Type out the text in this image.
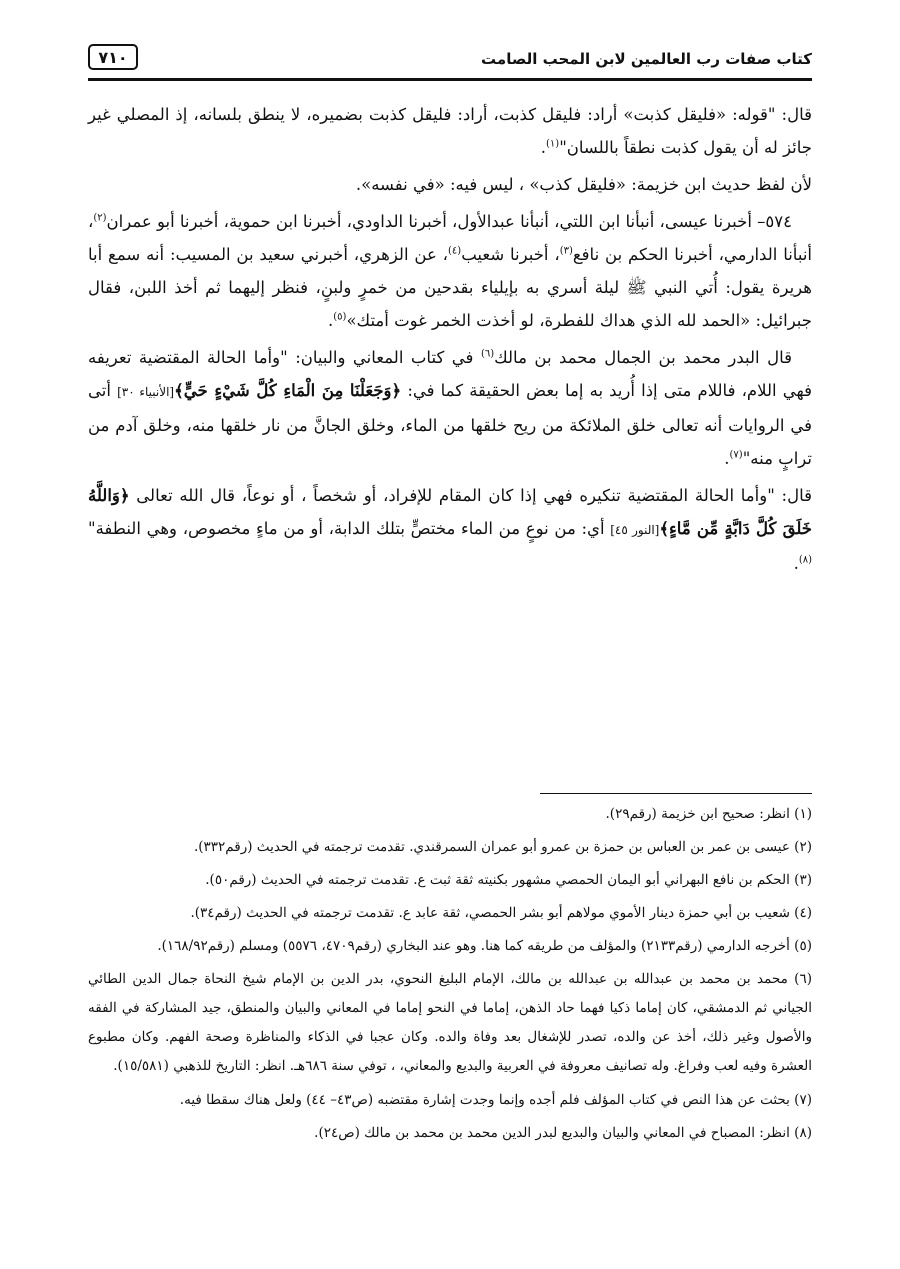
كتاب صفات رب العالمين لابن المحب الصامت
٧١٠

قال: "قوله: «فليقل كذبت» أراد: فليقل كذبت، أراد: فليقل كذبت بضميره، لا ينطق بلسانه، إذ المصلي غير جائز له أن يقول كذبت نطقاً باللسان"$^{(١)}$.

لأن لفظ حديث ابن خزيمة: «فليقل كذب» ، ليس فيه: «في نفسه».

٥٧٤– أخبرنا عيسى، أنبأنا ابن اللتي، أنبأنا عبدالأول، أخبرنا الداودي، أخبرنا ابن حموية، أخبرنا أبو عمران$^{(٢)}$، أنبأنا الدارمي، أخبرنا الحكم بن نافع$^{(٣)}$، أخبرنا شعيب$^{(٤)}$، عن الزهري، أخبرني سعيد بن المسيب: أنه سمع أبا هريرة يقول: أُتي النبي ﷺ ليلة أسري به بإيلياء بقدحين من خمرٍ ولبنٍ، فنظر إليهما ثم أخذ اللبن، فقال جبرائيل: «الحمد لله الذي هداك للفطرة، لو أخذت الخمر غوت أمتك»$^{(٥)}$.

قال البدر محمد بن الجمال محمد بن مالك$^{(٦)}$ في كتاب المعاني والبيان: "وأما الحالة المقتضية تعريفه فهي اللام، فاللام متى إذا أُريد به إما بعض الحقيقة كما في: ﴿وَجَعَلْنَا مِنَ الْمَاءِ كُلَّ شَيْءٍ حَيٍّ﴾[الأنبياء ٣٠] أتى في الروايات أنه تعالى خلق الملائكة من ريح خلقها من الماء، وخلق الجانَّ من نار خلقها منه، وخلق آدم من ترابٍ منه"$^{(٧)}$.

قال: "وأما الحالة المقتضية تنكيره فهي إذا كان المقام للإفراد، أو شخصاً ، أو نوعاً، قال الله تعالى ﴿وَاللَّهُ خَلَقَ كُلَّ دَابَّةٍ مِّن مَّاءٍ﴾[النور ٤٥] أي: من نوعٍ من الماء مختصٍّ بتلك الدابة، أو من ماءٍ مخصوص، وهي النطفة"$^{(٨)}$.

(١) انظر: صحيح ابن خزيمة (رقم٢٩).

(٢) عيسى بن عمر بن العباس بن حمزة بن عمرو أبو عمران السمرقندي. تقدمت ترجمته في الحديث (رقم٣٣٢).

(٣) الحكم بن نافع البهراني أبو اليمان الحمصي مشهور بكنيته ثقة ثبت ع. تقدمت ترجمته في الحديث (رقم٥٠).

(٤) شعيب بن أبي حمزة دينار الأموي مولاهم أبو بشر الحمصي، ثقة عابد ع. تقدمت ترجمته في الحديث (رقم٣٤).

(٥) أخرجه الدارمي (رقم٢١٣٣) والمؤلف من طريقه كما هنا. وهو عند البخاري (رقم٤٧٠٩، ٥٥٧٦) ومسلم (رقم١٦٨/٩٢).

(٦) محمد بن محمد بن عبدالله بن عبدالله بن مالك، الإمام البليغ النحوي، بدر الدين بن الإمام شيخ النحاة جمال الدين الطائي الجياني ثم الدمشقي، كان إماما ذكيا فهما حاد الذهن، إماما في النحو إماما في المعاني والبيان والمنطق، جيد المشاركة في الفقه والأصول وغير ذلك، أخذ عن والده، تصدر للإشغال بعد وفاة والده. وكان عجبا في الذكاء والمناظرة وصحة الفهم. وكان مطبوع العشرة وفيه لعب وفراغ. وله تصانيف معروفة في العربية والبديع والمعاني، ، توفي سنة ٦٨٦هـ. انظر: التاريخ للذهبي (١٥/٥٨١).

(٧) بحثت عن هذا النص في كتاب المؤلف فلم أجده وإنما وجدت إشارة مقتضبه (ص٤٣– ٤٤) ولعل هناك سقطا فيه.

(٨) انظر: المصباح في المعاني والبيان والبديع لبدر الدين محمد بن محمد بن مالك (ص٢٤).
